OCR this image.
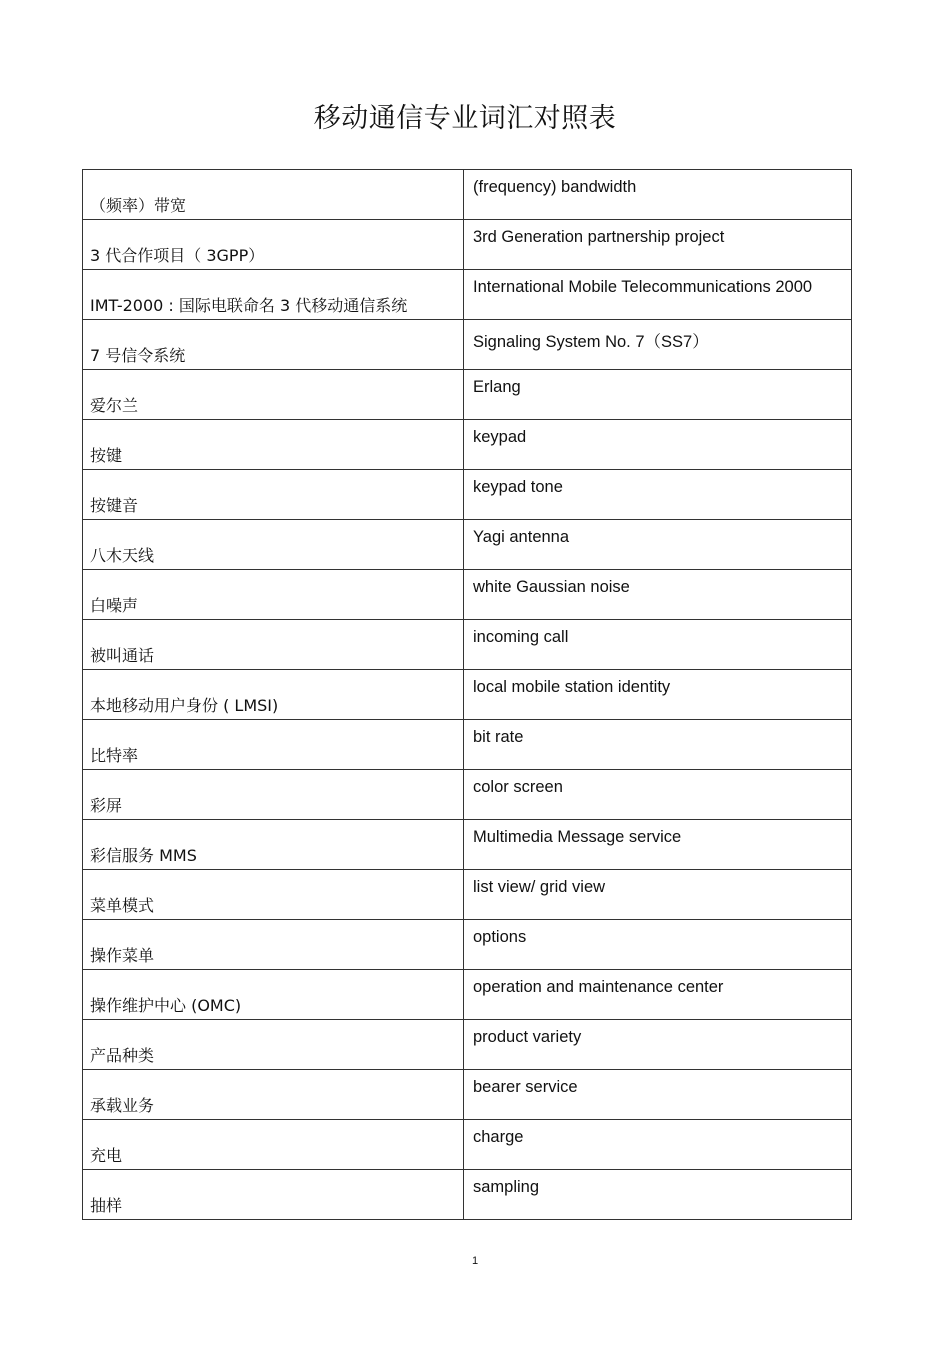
移动通信专业词汇对照表
（频率）带宽	(frequency) bandwidth

3 代合作项目（ 3GPP）	3rd Generation partnership project

IMT-2000 : 国际电联命名 3 代移动通信系统	International Mobile Telecommunications 2000

7 号信令系统	Signaling System No. 7（SS7）

爱尔兰	Erlang

按键	keypad

按键音	keypad tone

八木天线	Yagi antenna

白噪声	white Gaussian noise

被叫通话	incoming call

本地移动用户身份 ( LMSI)	local mobile station identity

比特率	bit rate

彩屏	color screen

彩信服务 MMS	Multimedia Message service

菜单模式	list view/ grid view

操作菜单	options

操作维护中心 (OMC)	operation and maintenance center

产品种类	product variety

承载业务	bearer service

充电	charge

抽样	sampling
1
